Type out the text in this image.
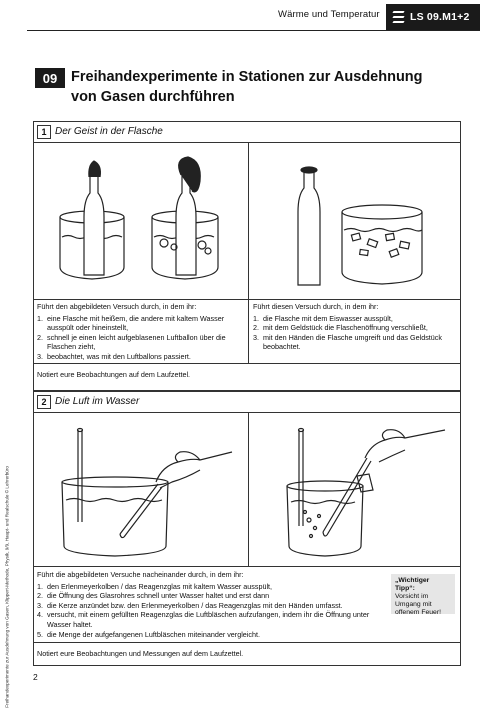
Wärme und Temperatur	LS 09.M1+2
09 Freihandexperimente in Stationen zur Ausdehnung von Gasen durchführen
1 Der Geist in der Flasche
Führt den abgebildeten Versuch durch, in dem ihr:
1. eine Flasche mit heißem, die andere mit kaltem Wasser ausspült oder hineinstellt,
2. schnell je einen leicht aufgeblasenen Luftballon über die Flaschen zieht,
3. beobachtet, was mit den Luftballons passiert.
Führt diesen Versuch durch, in dem ihr:
1. die Flasche mit dem Eiswasser ausspült,
2. mit dem Geldstück die Flaschenöffnung verschließt,
3. mit den Händen die Flasche umgreift und das Geldstück beobachtet.
Notiert eure Beobachtungen auf dem Laufzettel.
2 Die Luft im Wasser
Führt die abgebildeten Versuche nacheinander durch, in dem ihr:
1. den Erlenmeyerkolben / das Reagenzglas mit kaltem Wasser ausspült,
2. die Öffnung des Glasrohres schnell unter Wasser haltet und erst dann
3. die Kerze anzündet bzw. den Erlenmeyerkolben / das Reagenzglas mit den Händen umfasst.
4. versucht, mit einem gefüllten Reagenzglas die Luftbläschen aufzufangen, indem ihr die Öffnung unter Wasser haltet.
5. die Menge der aufgefangenen Luftbläschen miteinander vergleicht.
„Wichtiger Tipp“:
Vorsicht im Umgang mit offenem Feuer!
Notiert eure Beobachtungen und Messungen auf dem Laufzettel.
2
Freihandexperimente zur Ausdehnung von Gasen, Klippert-Methode, Physik, 9/9, Haupt- und Realschule © Lehrerbüro
